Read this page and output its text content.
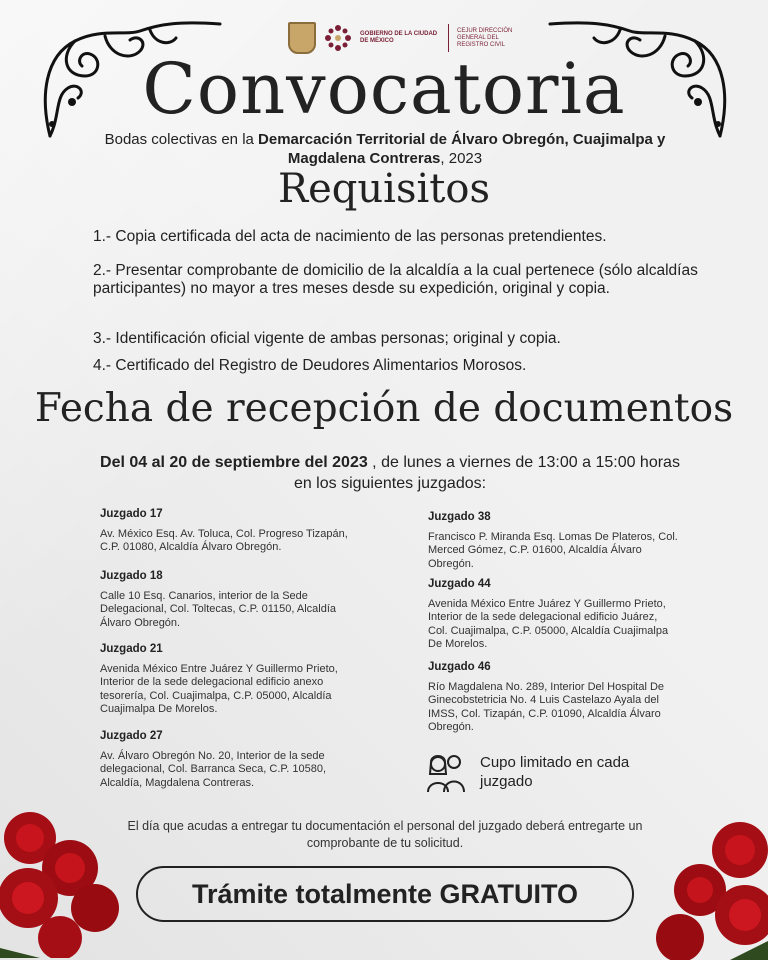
GOBIERNO DE LA CIUDAD DE MÉXICO
CEJUR DIRECCIÓN GENERAL DEL REGISTRO CIVIL
Convocatoria
Bodas colectivas en la Demarcación Territorial de Álvaro Obregón, Cuajimalpa y Magdalena Contreras, 2023
Requisitos
1.- Copia certificada del acta de nacimiento de las personas pretendientes.
2.- Presentar comprobante de domicilio de la alcaldía a la cual pertenece (sólo alcaldías participantes) no mayor a tres meses desde su expedición, original y copia.
3.- Identificación oficial vigente de ambas personas; original y copia.
4.- Certificado del Registro de Deudores Alimentarios Morosos.
Fecha de recepción de documentos
Del 04 al 20 de septiembre del 2023 , de lunes a viernes de 13:00 a 15:00 horas en los siguientes juzgados:
Juzgado 17
Av. México Esq. Av. Toluca, Col. Progreso Tizapán, C.P. 01080, Alcaldía Álvaro Obregón.
Juzgado 18
Calle 10 Esq. Canarios, interior de la Sede Delegacional, Col. Toltecas, C.P. 01150, Alcaldía Álvaro Obregón.
Juzgado 21
Avenida México Entre Juárez Y Guillermo Prieto, Interior de la sede delegacional edificio anexo tesorería, Col. Cuajimalpa, C.P. 05000, Alcaldía Cuajimalpa De Morelos.
Juzgado 27
Av. Álvaro Obregón No. 20, Interior de la sede delegacional, Col. Barranca Seca, C.P. 10580, Alcaldía, Magdalena Contreras.
Juzgado 38
Francisco P. Miranda Esq. Lomas De Plateros, Col. Merced Gómez, C.P. 01600, Alcaldía Álvaro Obregón.
Juzgado 44
Avenida México Entre Juárez Y Guillermo Prieto, Interior de la sede delegacional edificio Juárez, Col. Cuajimalpa, C.P. 05000, Alcaldía Cuajimalpa De Morelos.
Juzgado 46
Río Magdalena No. 289, Interior Del Hospital De Ginecobstetricia No. 4 Luis Castelazo Ayala del IMSS, Col. Tizapán, C.P. 01090, Alcaldía Álvaro Obregón.
Cupo limitado en cada juzgado
El día que acudas a entregar tu documentación el personal del juzgado deberá entregarte un comprobante de tu solicitud.
Trámite totalmente GRATUITO
